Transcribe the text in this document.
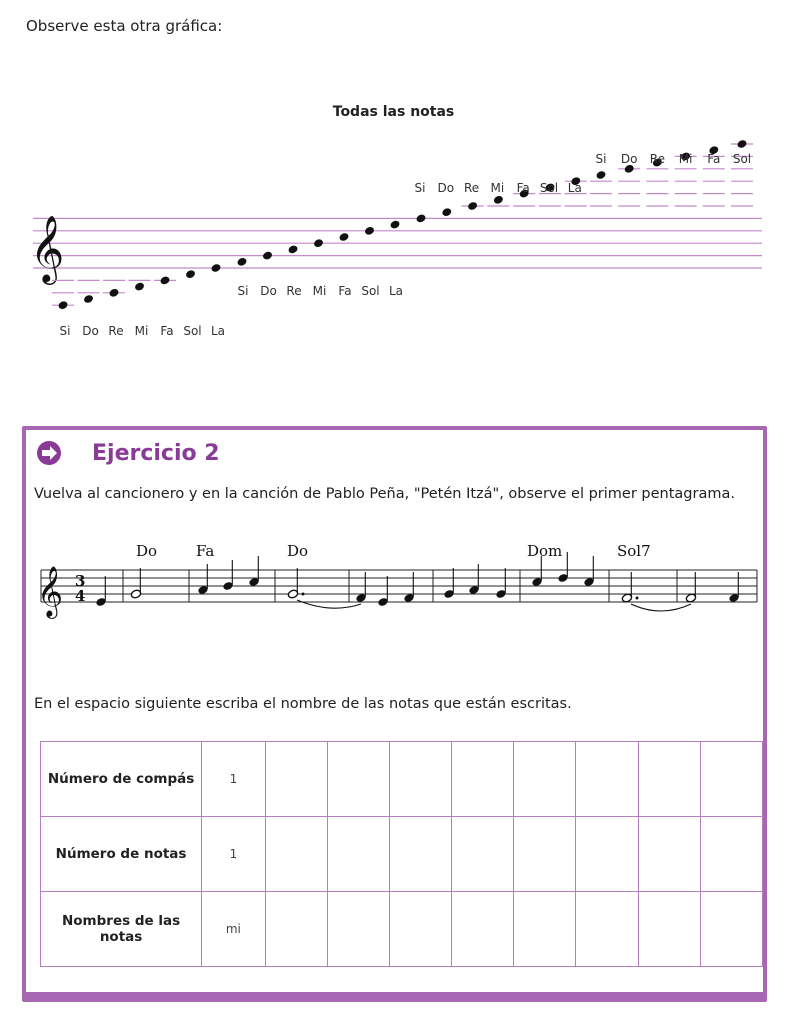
Observe esta otra gráfica:
Todas las notas
𝄞
Si Do Re Mi Fa Sol La
Si Do Re Mi Fa Sol La
Si Do Re Mi Fa Sol La
Si Do Re Mi Fa Sol
Ejercicio 2
Vuelva al cancionero y en la canción de Pablo Peña, "Petén Itzá", observe el primer pentagrama.
𝄞 3
4
Do	Fa	Do	Dom	Sol7
En el espacio siguiente escriba el nombre de las notas que están escritas.
Número de compás	1								
Número de notas	1								
Nombres de las notas	mi								
